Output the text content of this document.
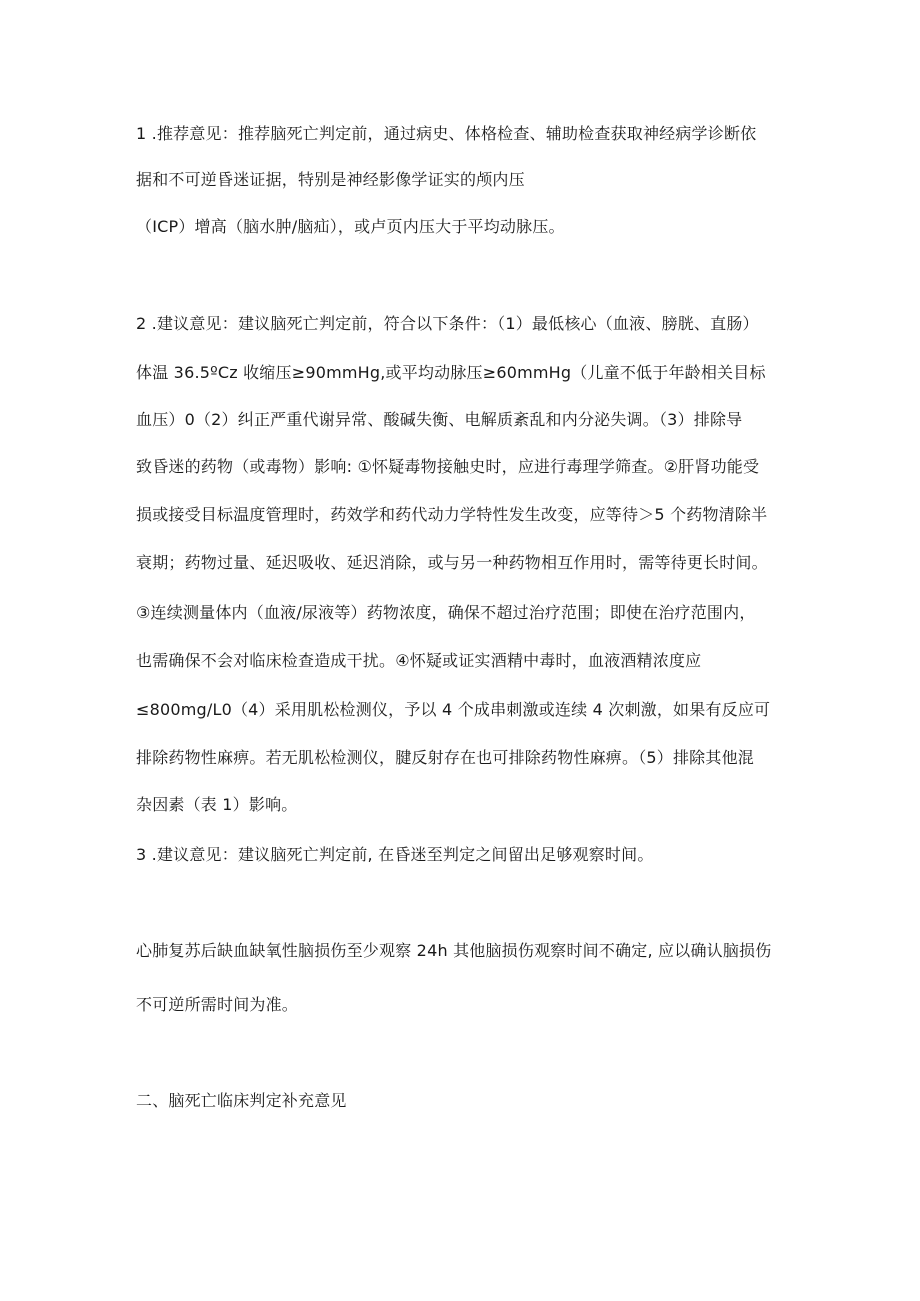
1 .推荐意见：推荐脑死亡判定前，通过病史、体格检查、辅助检查获取神经病学诊断依
据和不可逆昏迷证据，特别是神经影像学证实的颅内压
（ICP）增高（脑水肿/脑疝），或卢页内压大于平均动脉压。
2 .建议意见：建议脑死亡判定前，符合以下条件：（1）最低核心（血液、膀胱、直肠）
体温 36.5ºCz 收缩压≥90mmHg,或平均动脉压≥60mmHg（儿童不低于年龄相关目标
血压）0（2）纠正严重代谢异常、酸碱失衡、电解质紊乱和内分泌失调。（3）排除导
致昏迷的药物（或毒物）影响: ①怀疑毒物接触史时，应进行毒理学筛查。②肝肾功能受
损或接受目标温度管理时，药效学和药代动力学特性发生改变，应等待＞5 个药物清除半
衰期；药物过量、延迟吸收、延迟消除，或与另一种药物相互作用时，需等待更长时间。
③连续测量体内（血液/尿液等）药物浓度，确保不超过治疗范围；即使在治疗范围内，
也需确保不会对临床检查造成干扰。④怀疑或证实酒精中毒时，血液酒精浓度应
≤800mg/L0（4）采用肌松检测仪，予以 4 个成串刺激或连续 4 次刺激，如果有反应可
排除药物性麻痹。若无肌松检测仪，腱反射存在也可排除药物性麻痹。（5）排除其他混
杂因素（表 1）影响。
3 .建议意见：建议脑死亡判定前, 在昏迷至判定之间留出足够观察时间。
心肺复苏后缺血缺氧性脑损伤至少观察 24h 其他脑损伤观察时间不确定, 应以确认脑损伤
不可逆所需时间为准。
二、脑死亡临床判定补充意见
